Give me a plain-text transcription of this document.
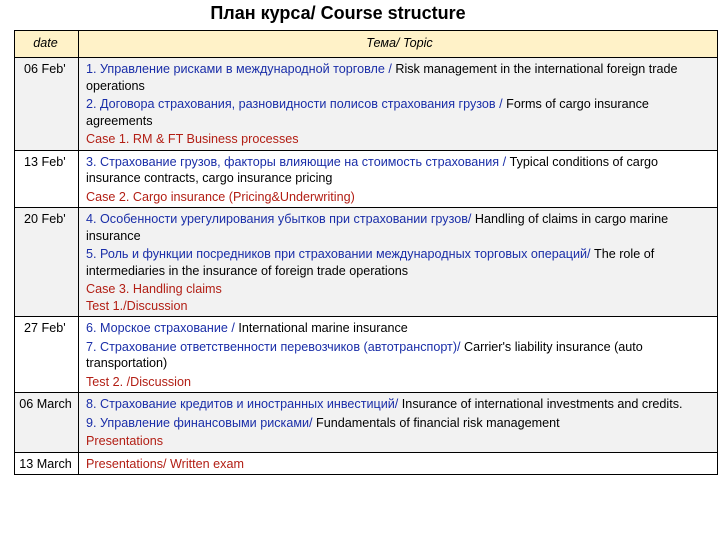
План курса/ Course structure
date	Тема/ Topic
06 Feb'	1. Управление рисками в международной торговле / Risk management in the international foreign trade operations
2. Договора страхования, разновидности полисов страхования грузов / Forms of cargo insurance agreements
Case 1. RM & FT Business processes

13 Feb'	3. Страхование грузов, факторы влияющие на стоимость страхования / Typical conditions of cargo insurance contracts, cargo insurance pricing
Case 2. Cargo insurance (Pricing&Underwriting)

20 Feb'	4. Особенности урегулирования убытков при страховании грузов/ Handling of claims in cargo marine insurance
5. Роль и функции посредников при страховании международных торговых операций/ The role of intermediaries in the insurance of foreign trade operations
Case 3. Handling claims
Test 1./Discussion

27 Feb'	6. Морское страхование / International marine insurance
7. Страхование ответственности перевозчиков (автотранспорт)/ Carrier's liability insurance (auto transportation)
Test 2. /Discussion

06 March	8. Страхование кредитов и иностранных инвестиций/ Insurance of international investments and credits.
9. Управление финансовыми рисками/ Fundamentals of financial risk management
Presentations

13 March	Presentations/ Written exam
